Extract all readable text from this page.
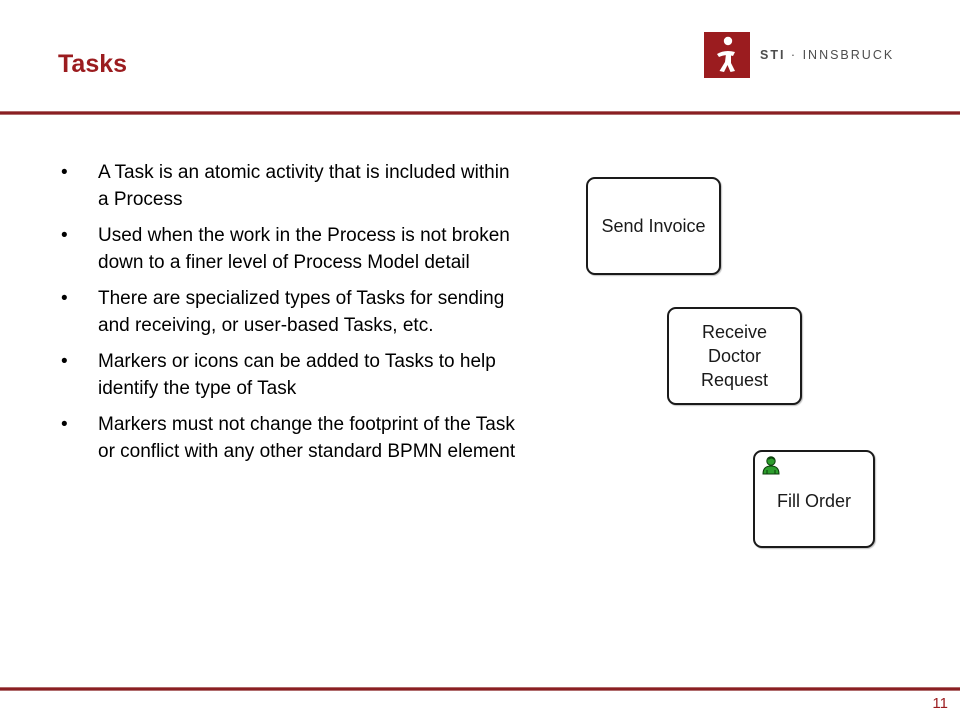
Tasks	STI · INNSBRUCK
• A Task is an atomic activity that is included within a Process
• Used when the work in the Process is not broken down to a finer level of Process Model detail
• There are specialized types of Tasks for sending and receiving, or user-based Tasks, etc.
• Markers or icons can be added to Tasks to help identify the type of Task
• Markers must not change the footprint of the Task or conflict with any other standard BPMN element
Send Invoice
Receive
Doctor
Request
Fill Order
11
